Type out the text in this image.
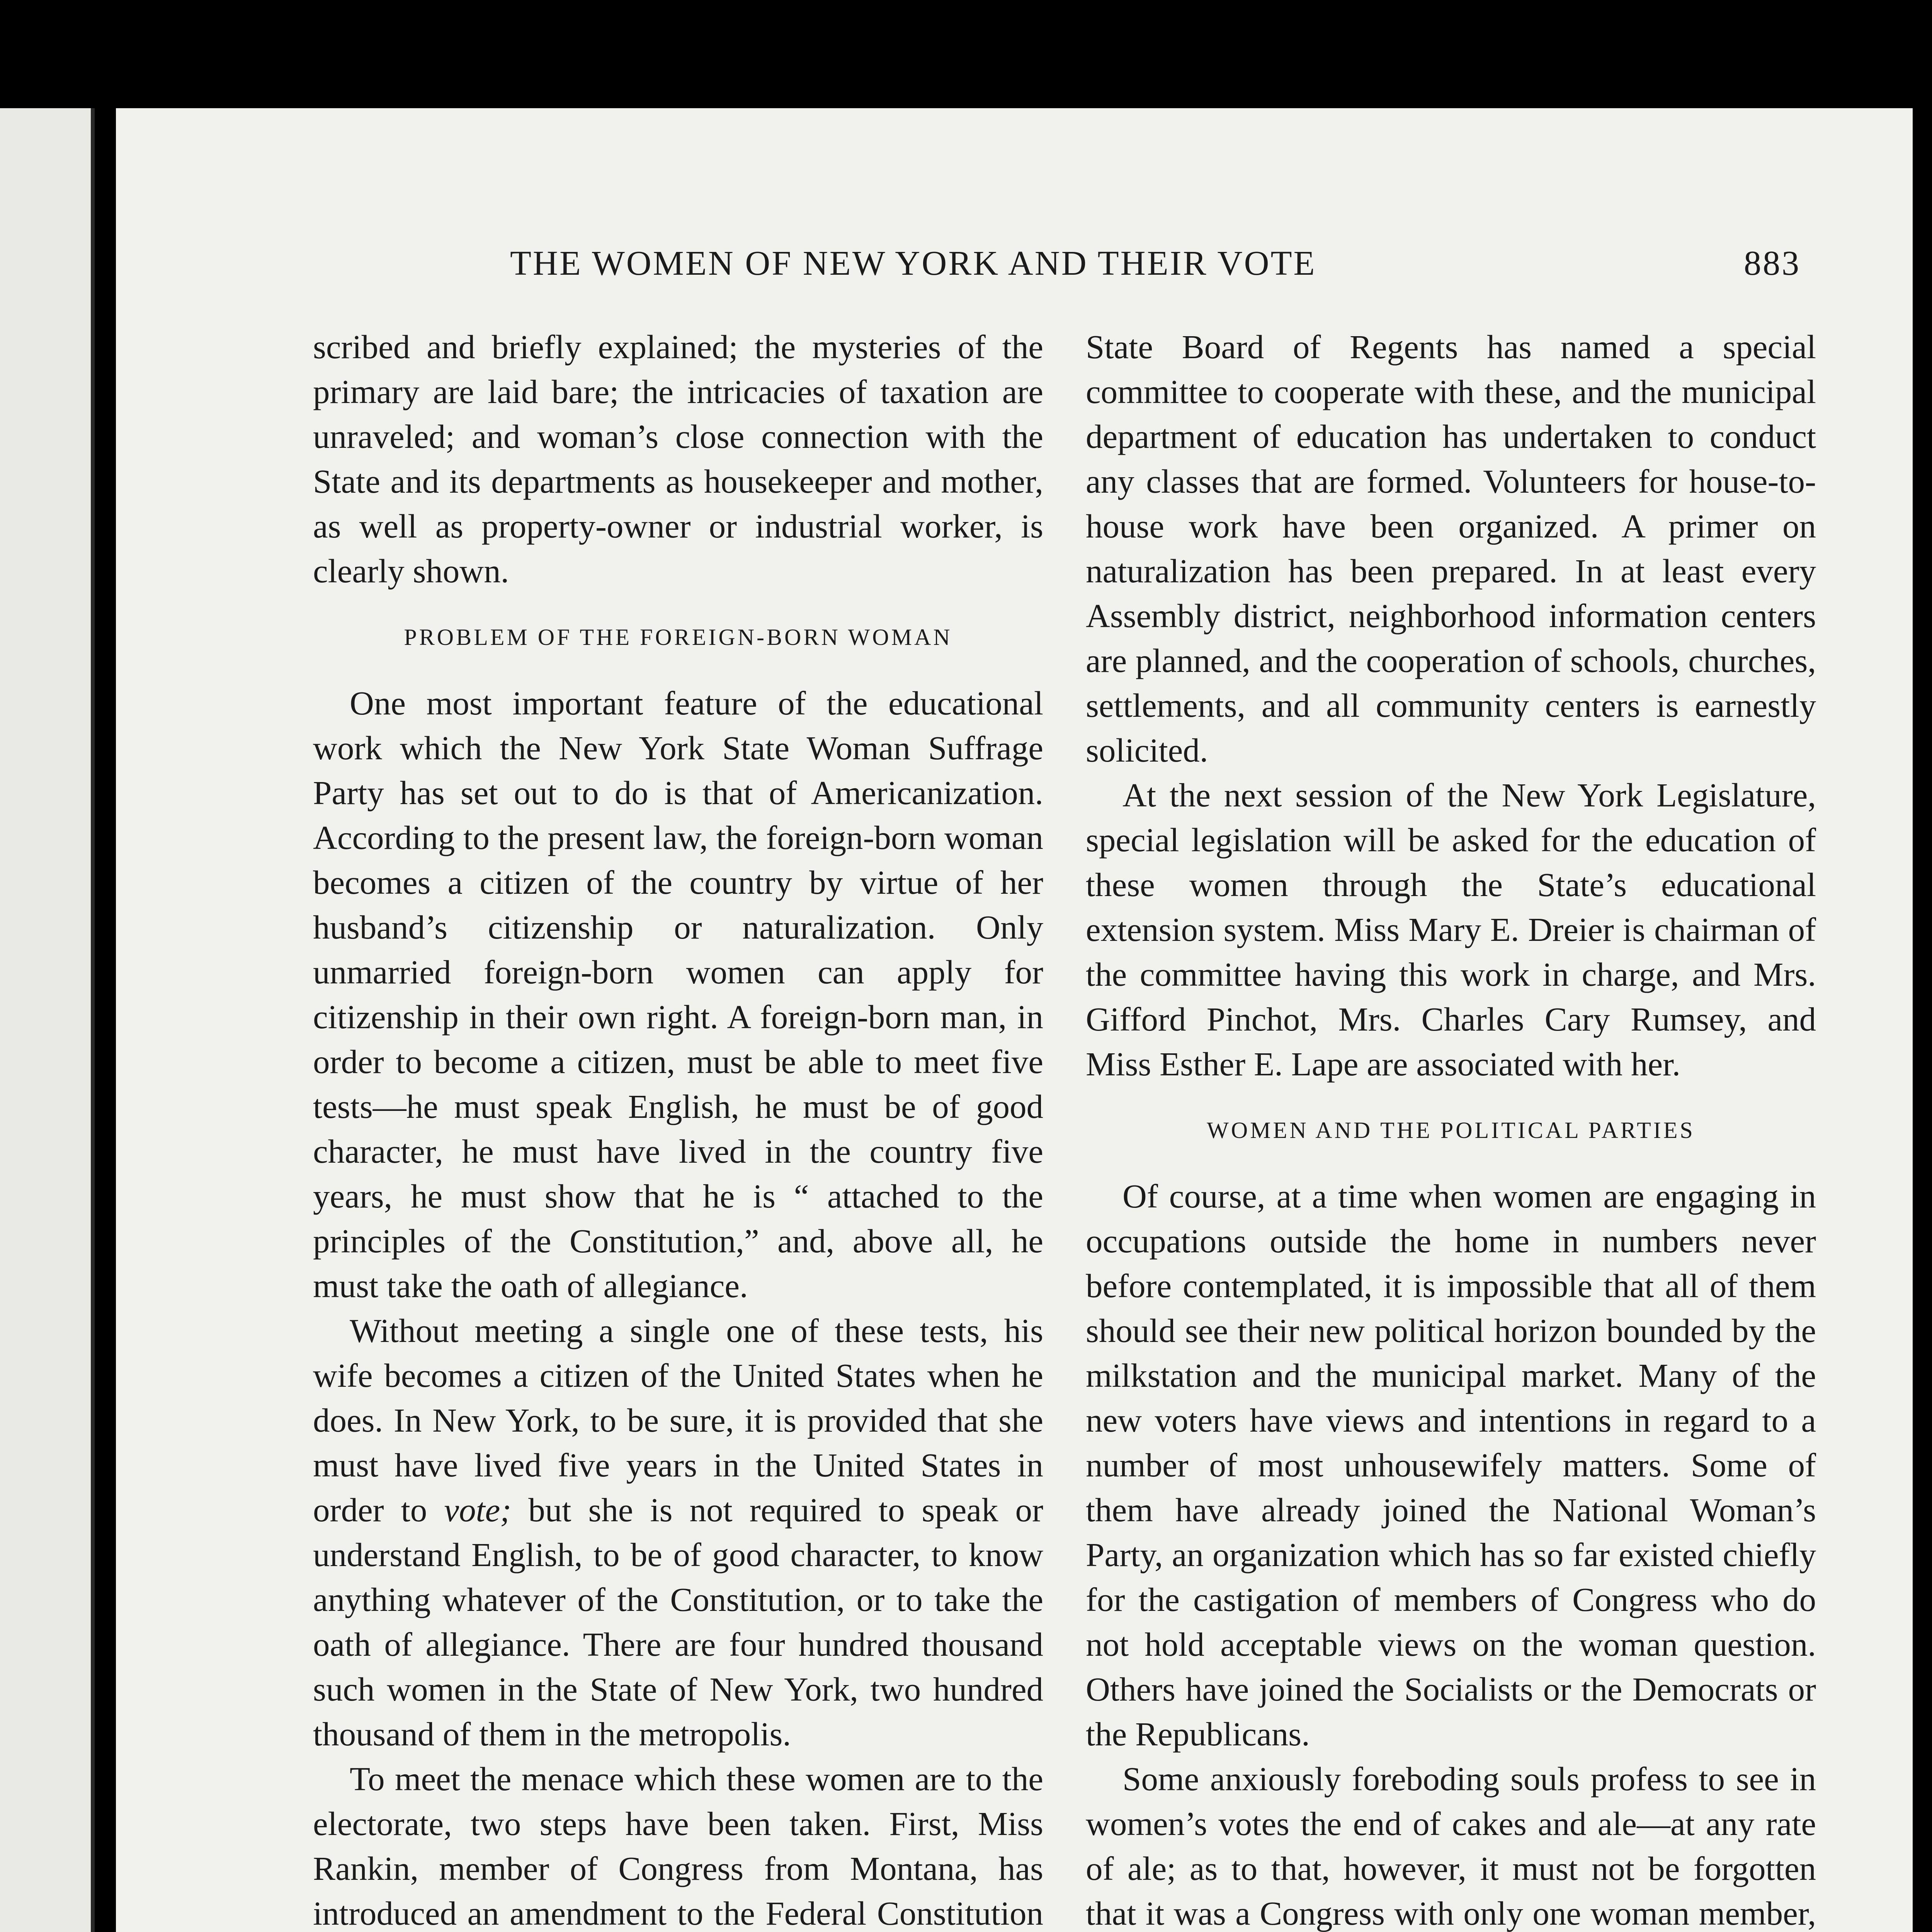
THE WOMEN OF NEW YORK AND THEIR VOTE	883

scribed and briefly explained; the mysteries of the primary are laid bare; the intricacies of taxation are unraveled; and woman’s close connection with the State and its departments as housekeeper and mother, as well as property-owner or industrial worker, is clearly shown.

PROBLEM OF THE FOREIGN-BORN WOMAN

One most important feature of the educational work which the New York State Woman Suffrage Party has set out to do is that of Americanization. According to the present law, the foreign-born woman becomes a citizen of the country by virtue of her husband’s citizenship or naturalization. Only unmarried foreign-born women can apply for citizenship in their own right. A foreign-born man, in order to become a citizen, must be able to meet five tests—he must speak English, he must be of good character, he must have lived in the country five years, he must show that he is “ attached to the principles of the Constitution,” and, above all, he must take the oath of allegiance.

Without meeting a single one of these tests, his wife becomes a citizen of the United States when he does. In New York, to be sure, it is provided that she must have lived five years in the United States in order to vote; but she is not required to speak or understand English, to be of good character, to know anything whatever of the Constitution, or to take the oath of allegiance. There are four hundred thousand such women in the State of New York, two hundred thousand of them in the metropolis.

To meet the menace which these women are to the electorate, two steps have been taken. First, Miss Rankin, member of Congress from Montana, has introduced an amendment to the Federal Constitution

State Board of Regents has named a special committee to cooperate with these, and the municipal department of education has undertaken to conduct any classes that are formed. Volunteers for house-to-house work have been organized. A primer on naturalization has been prepared. In at least every Assembly district, neighborhood information centers are planned, and the cooperation of schools, churches, settlements, and all community centers is earnestly solicited.

At the next session of the New York Legislature, special legislation will be asked for the education of these women through the State’s educational extension system. Miss Mary E. Dreier is chairman of the committee having this work in charge, and Mrs. Gifford Pinchot, Mrs. Charles Cary Rumsey, and Miss Esther E. Lape are associated with her.

WOMEN AND THE POLITICAL PARTIES

Of course, at a time when women are engaging in occupations outside the home in numbers never before contemplated, it is impossible that all of them should see their new political horizon bounded by the milkstation and the municipal market. Many of the new voters have views and intentions in regard to a number of most unhousewifely matters. Some of them have already joined the National Woman’s Party, an organization which has so far existed chiefly for the castigation of members of Congress who do not hold acceptable views on the woman question. Others have joined the Socialists or the Democrats or the Republicans.

Some anxiously foreboding souls profess to see in women’s votes the end of cakes and ale—at any rate of ale; as to that, however, it must not be forgotten that it was a Congress with only one woman member,
